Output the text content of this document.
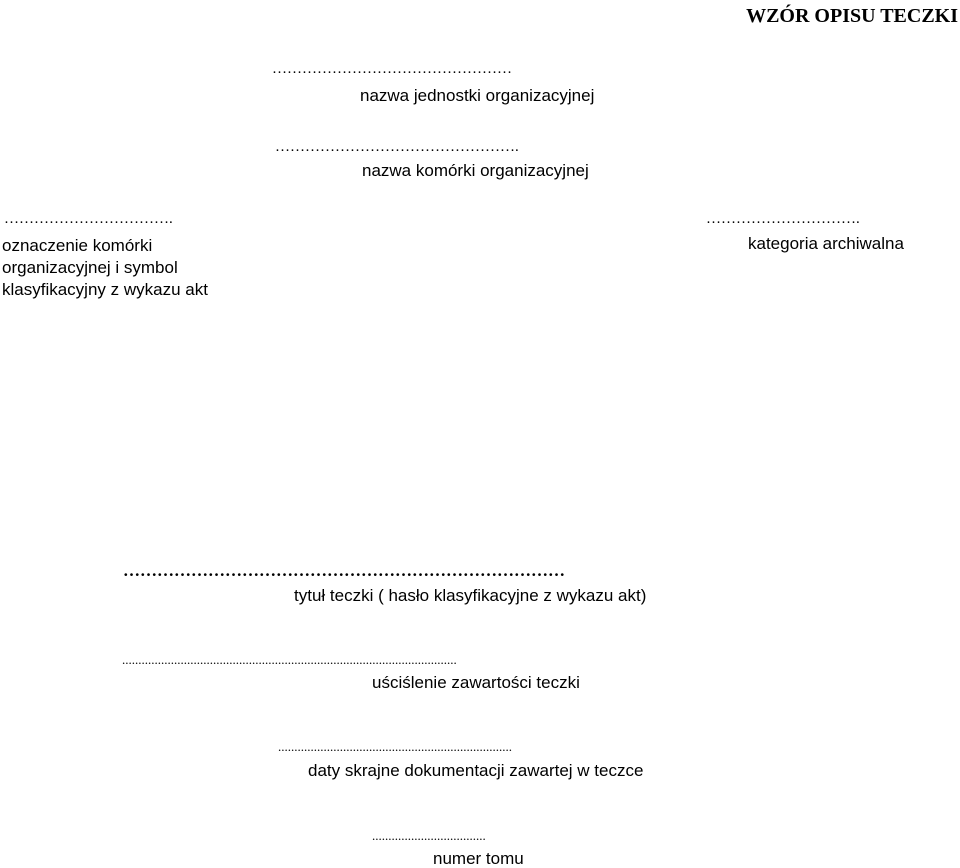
WZÓR OPISU TECZKI
…………………………………………
nazwa jednostki organizacyjnej
………………………………………….
nazwa komórki organizacyjnej
…………………………….
oznaczenie komórki organizacyjnej i symbol klasyfikacyjny z wykazu akt
………………………….
kategoria archiwalna
……………………………………………………………………
tytuł teczki ( hasło klasyfikacyjne z wykazu akt)
.......................................................................................................
uściślenie zawartości teczki
........................................................................
daty skrajne dokumentacji zawartej w teczce
...................................
numer tomu
